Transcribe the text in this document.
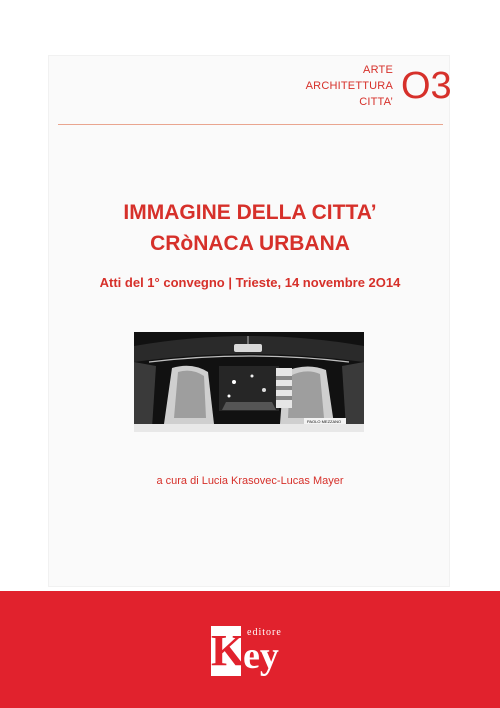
ARTE
ARCHITETTURA
CITTA’ O3
IMMAGINE DELLA CITTA’
CRòNACA URBANA
Atti del 1° convegno | Trieste, 14 novembre 2O14
PAOLO MEZZANO
a cura di Lucia Krasovec-Lucas Mayer
K editore
ey
